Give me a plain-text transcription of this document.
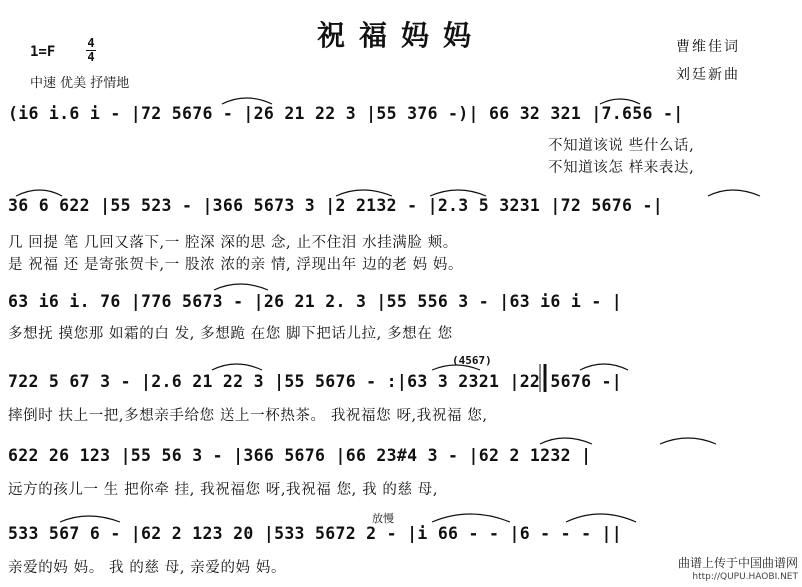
祝福妈妈
1=F
4
4
中速 优美 抒情地
曹维佳词
刘廷新曲
(i6 i.6 i - |72 5676 - |26 21 22 3 |55 376 -)| 66 32 321 |7.656 -|
不知道该说 些什么话,
不知道该怎 样来表达,
36 6 622 |55 523 - |366 5673 3 |2 2132 - |2.3 5 3231 |72 5676 -|
几 回提 笔 几回又落下,一 腔深 深的思 念, 止不住泪 水挂满脸 颊。
是 祝福 还 是寄张贺卡,一 股浓 浓的亲 情, 浮现出年 边的老 妈 妈。
63 i6 i. 76 |776 5673 - |26 21 2. 3 |55 556 3 - |63 i6 i - |
多想抚 摸您那 如霜的白 发, 多想跪 在您 脚下把话儿拉, 多想在 您
(4567)
722 5 67 3 - |2.6 21 22 3 |55 5676 - :|63 3 2321 |22 5676 -|
摔倒时 扶上一把,多想亲手给您 送上一杯热茶。 我祝福您 呀,我祝福 您,
622 26 123 |55 56 3 - |366 5676 |66 23#4 3 - |62 2 1232 |
远方的孩儿一 生 把你牵 挂, 我祝福您 呀,我祝福 您, 我 的慈 母,
放慢
533 567 6 - |62 2 123 20 |533 5672 2 - |i 66 - - |6 - - - ||
亲爱的妈 妈。 我 的慈 母, 亲爱的妈 妈。	曲谱上传于中国曲谱网
http://QUPU.HAOBI.NET
